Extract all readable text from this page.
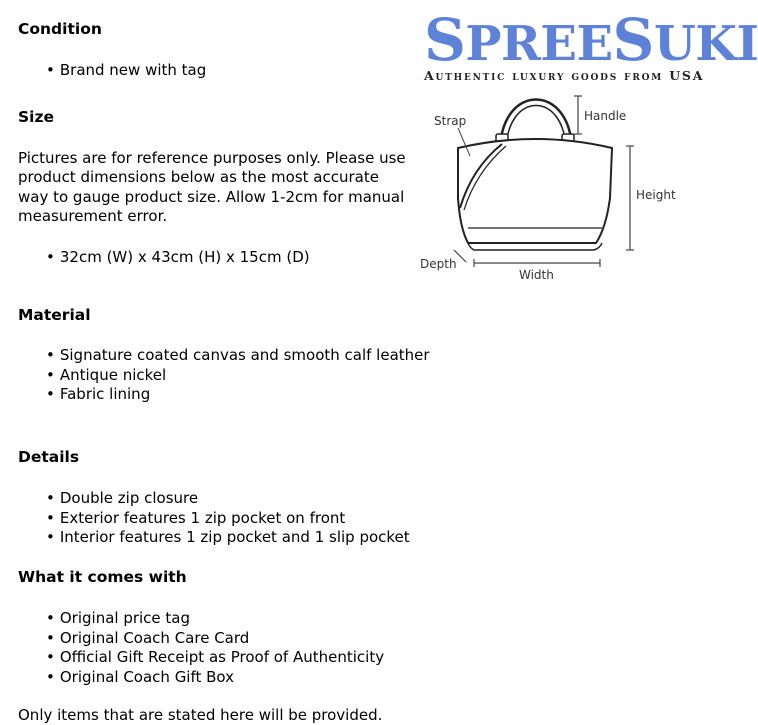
Condition
• Brand new with tag
Size

Pictures are for reference purposes only. Please use product dimensions below as the most accurate way to gauge product size. Allow 1-2cm for manual measurement error.

• 32cm (W) x 43cm (H) x 15cm (D)
Material
• Signature coated canvas and smooth calf leather
• Antique nickel
• Fabric lining
Details
• Double zip closure
• Exterior features 1 zip pocket on front
• Interior features 1 zip pocket and 1 slip pocket
What it comes with
• Original price tag
• Original Coach Care Card
• Official Gift Receipt as Proof of Authenticity
• Original Coach Gift Box

Only items that are stated here will be provided.

SPREESUKI
Authentic luxury goods from USA
Strap	Handle
Height
Depth
Width
